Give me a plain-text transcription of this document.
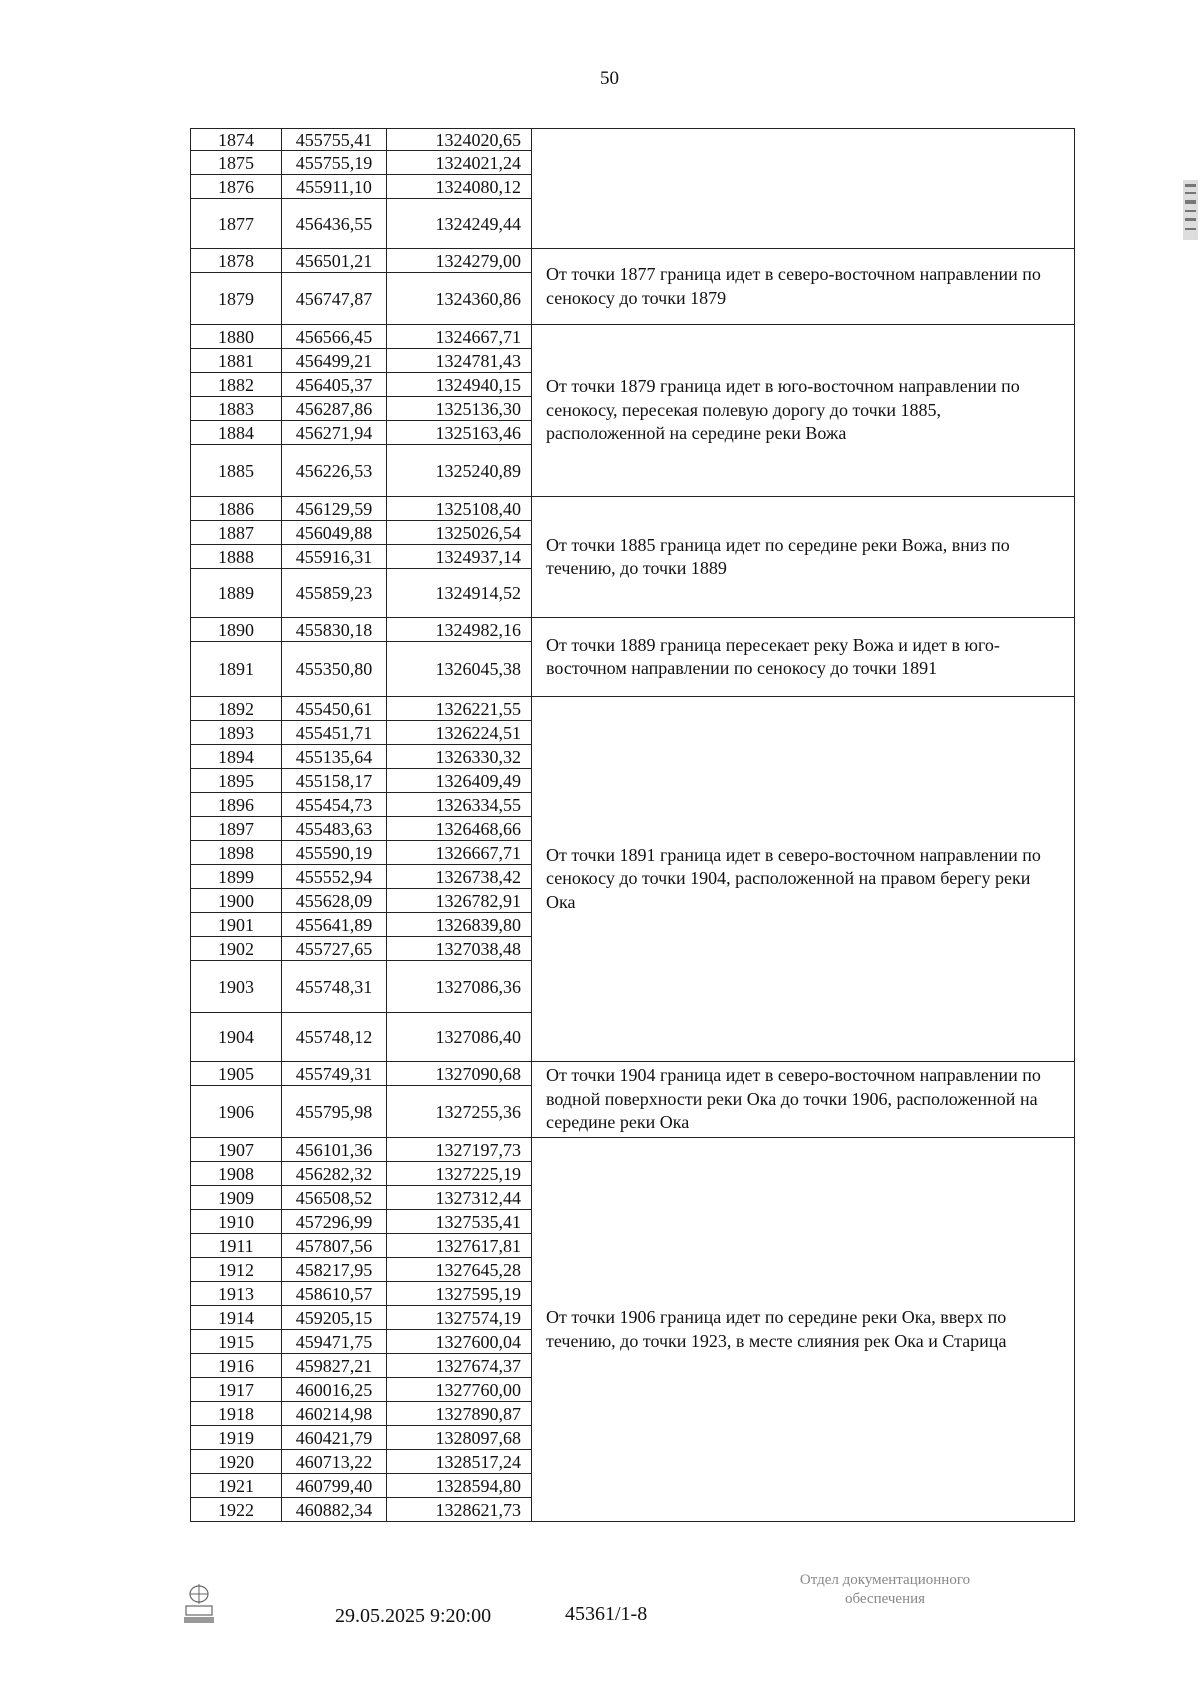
50
1874	455755,41	1324020,65	
1875	455755,19	1324021,24	
1876	455911,10	1324080,12	
1877	456436,55	1324249,44	
1878	456501,21	1324279,00	От точки 1877 граница идет в северо-восточном направлении по сенокосу до точки 1879
1879	456747,87	1324360,86	
1880	456566,45	1324667,71	От точки 1879 граница идет в юго-восточном направлении по сенокосу, пересекая полевую дорогу до точки 1885, расположенной на середине реки Вожа
1881	456499,21	1324781,43	
1882	456405,37	1324940,15	
1883	456287,86	1325136,30	
1884	456271,94	1325163,46	
1885	456226,53	1325240,89	
1886	456129,59	1325108,40	От точки 1885 граница идет по середине реки Вожа, вниз по течению, до точки 1889
1887	456049,88	1325026,54	
1888	455916,31	1324937,14	
1889	455859,23	1324914,52	
1890	455830,18	1324982,16	От точки 1889 граница пересекает реку Вожа и идет в юго-восточном направлении по сенокосу до точки 1891
1891	455350,80	1326045,38	
1892	455450,61	1326221,55	От точки 1891 граница идет в северо-восточном направлении по сенокосу до точки 1904, расположенной на правом берегу реки Ока
1893	455451,71	1326224,51	
1894	455135,64	1326330,32	
1895	455158,17	1326409,49	
1896	455454,73	1326334,55	
1897	455483,63	1326468,66	
1898	455590,19	1326667,71	
1899	455552,94	1326738,42	
1900	455628,09	1326782,91	
1901	455641,89	1326839,80	
1902	455727,65	1327038,48	
1903	455748,31	1327086,36	
1904	455748,12	1327086,40	
1905	455749,31	1327090,68	От точки 1904 граница идет в северо-восточном направлении по водной поверхности реки Ока до точки 1906, расположенной на середине реки Ока
1906	455795,98	1327255,36	
1907	456101,36	1327197,73	От точки 1906 граница идет по середине реки Ока, вверх по течению, до точки 1923, в месте слияния рек Ока и Старица
1908	456282,32	1327225,19	
1909	456508,52	1327312,44	
1910	457296,99	1327535,41	
1911	457807,56	1327617,81	
1912	458217,95	1327645,28	
1913	458610,57	1327595,19	
1914	459205,15	1327574,19	
1915	459471,75	1327600,04	
1916	459827,21	1327674,37	
1917	460016,25	1327760,00	
1918	460214,98	1327890,87	
1919	460421,79	1328097,68	
1920	460713,22	1328517,24	
1921	460799,40	1328594,80	
1922	460882,34	1328621,73	
29.05.2025 9:20:00	45361/1-8
Отдел документационного
обеспечения
